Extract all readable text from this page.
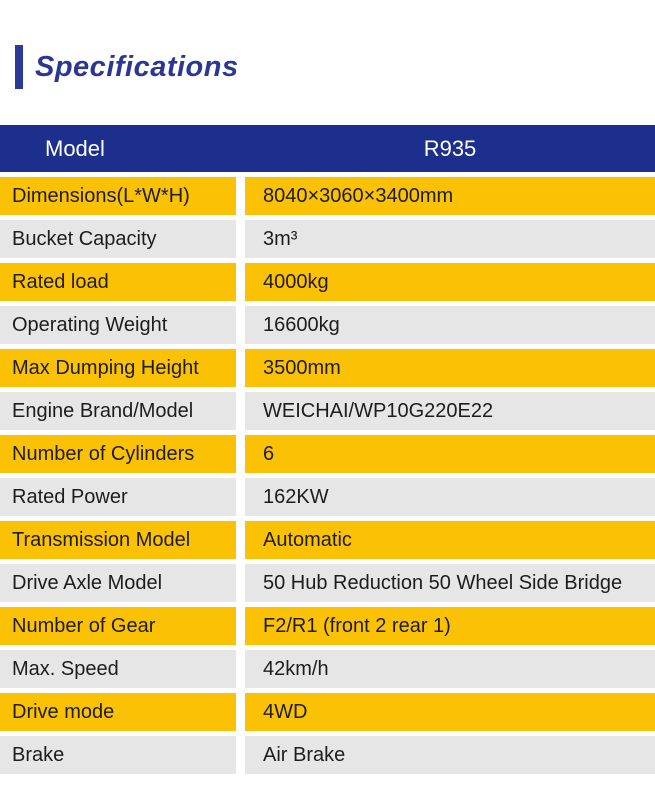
Specifications
Model	R935
Dimensions(L*W*H)	8040×3060×3400mm
Bucket Capacity	3m³
Rated load	4000kg
Operating Weight	16600kg
Max Dumping Height	3500mm
Engine Brand/Model	WEICHAI/WP10G220E22
Number of Cylinders	6
Rated Power	162KW
Transmission Model	Automatic
Drive Axle Model	50 Hub Reduction 50 Wheel Side Bridge
Number of Gear	F2/R1 (front 2 rear 1)
Max. Speed	42km/h
Drive mode	4WD
Brake	Air Brake
